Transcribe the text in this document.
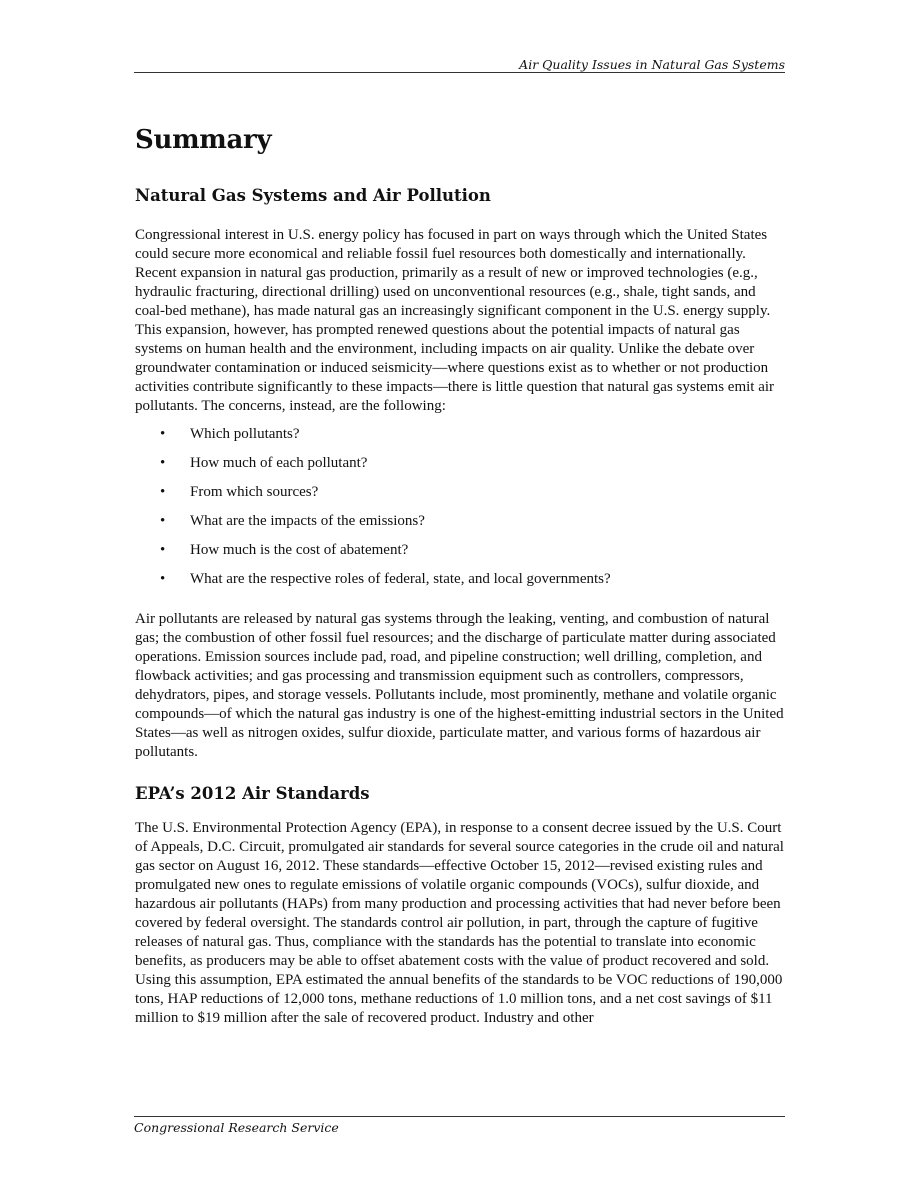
Air Quality Issues in Natural Gas Systems
Summary
Natural Gas Systems and Air Pollution

Congressional interest in U.S. energy policy has focused in part on ways through which the United States could secure more economical and reliable fossil fuel resources both domestically and internationally. Recent expansion in natural gas production, primarily as a result of new or improved technologies (e.g., hydraulic fracturing, directional drilling) used on unconventional resources (e.g., shale, tight sands, and coal-bed methane), has made natural gas an increasingly significant component in the U.S. energy supply. This expansion, however, has prompted renewed questions about the potential impacts of natural gas systems on human health and the environment, including impacts on air quality. Unlike the debate over groundwater contamination or induced seismicity—where questions exist as to whether or not production activities contribute significantly to these impacts—there is little question that natural gas systems emit air pollutants. The concerns, instead, are the following:

• Which pollutants?
• How much of each pollutant?
• From which sources?
• What are the impacts of the emissions?
• How much is the cost of abatement?
• What are the respective roles of federal, state, and local governments?

Air pollutants are released by natural gas systems through the leaking, venting, and combustion of natural gas; the combustion of other fossil fuel resources; and the discharge of particulate matter during associated operations. Emission sources include pad, road, and pipeline construction; well drilling, completion, and flowback activities; and gas processing and transmission equipment such as controllers, compressors, dehydrators, pipes, and storage vessels. Pollutants include, most prominently, methane and volatile organic compounds—of which the natural gas industry is one of the highest-emitting industrial sectors in the United States—as well as nitrogen oxides, sulfur dioxide, particulate matter, and various forms of hazardous air pollutants.

EPA’s 2012 Air Standards

The U.S. Environmental Protection Agency (EPA), in response to a consent decree issued by the U.S. Court of Appeals, D.C. Circuit, promulgated air standards for several source categories in the crude oil and natural gas sector on August 16, 2012. These standards—effective October 15, 2012—revised existing rules and promulgated new ones to regulate emissions of volatile organic compounds (VOCs), sulfur dioxide, and hazardous air pollutants (HAPs) from many production and processing activities that had never before been covered by federal oversight. The standards control air pollution, in part, through the capture of fugitive releases of natural gas. Thus, compliance with the standards has the potential to translate into economic benefits, as producers may be able to offset abatement costs with the value of product recovered and sold. Using this assumption, EPA estimated the annual benefits of the standards to be VOC reductions of 190,000 tons, HAP reductions of 12,000 tons, methane reductions of 1.0 million tons, and a net cost savings of $11 million to $19 million after the sale of recovered product. Industry and other

Congressional Research Service
